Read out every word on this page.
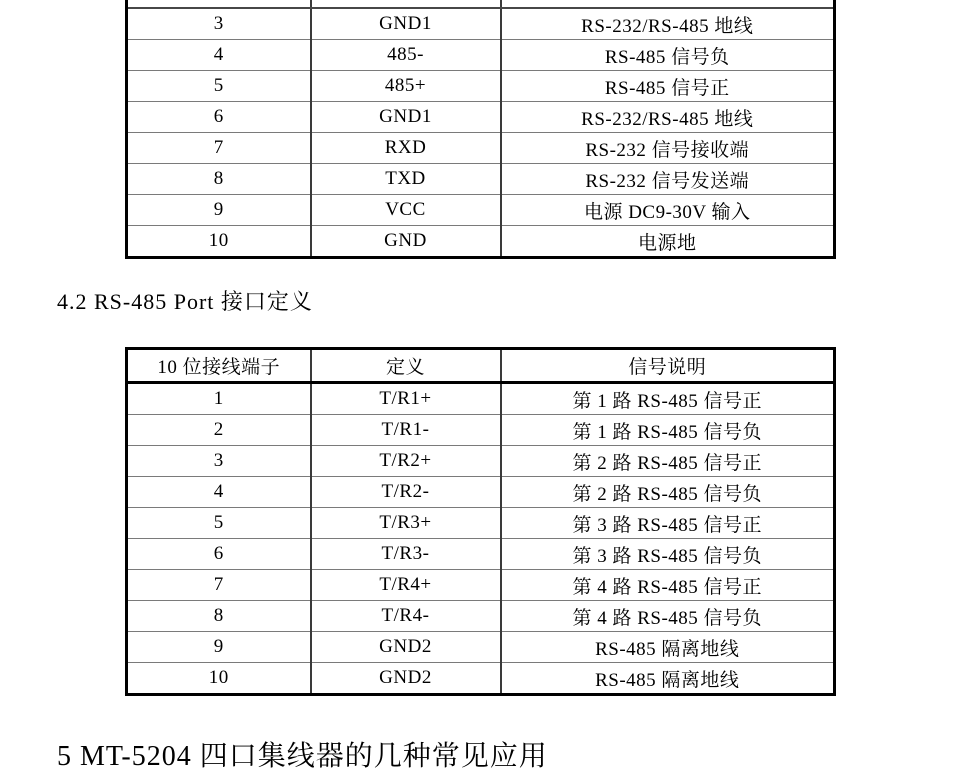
3	GND1	RS-232/RS-485 地线
4	485-	RS-485 信号负
5	485+	RS-485 信号正
6	GND1	RS-232/RS-485 地线
7	RXD	RS-232 信号接收端
8	TXD	RS-232 信号发送端
9	VCC	电源 DC9-30V 输入
10	GND	电源地
4.2 RS-485 Port 接口定义
10 位接线端子	定义	信号说明
1	T/R1+	第 1 路 RS-485 信号正
2	T/R1-	第 1 路 RS-485 信号负
3	T/R2+	第 2 路 RS-485 信号正
4	T/R2-	第 2 路 RS-485 信号负
5	T/R3+	第 3 路 RS-485 信号正
6	T/R3-	第 3 路 RS-485 信号负
7	T/R4+	第 4 路 RS-485 信号正
8	T/R4-	第 4 路 RS-485 信号负
9	GND2	RS-485 隔离地线
10	GND2	RS-485 隔离地线
5 MT-5204 四口集线器的几种常见应用
